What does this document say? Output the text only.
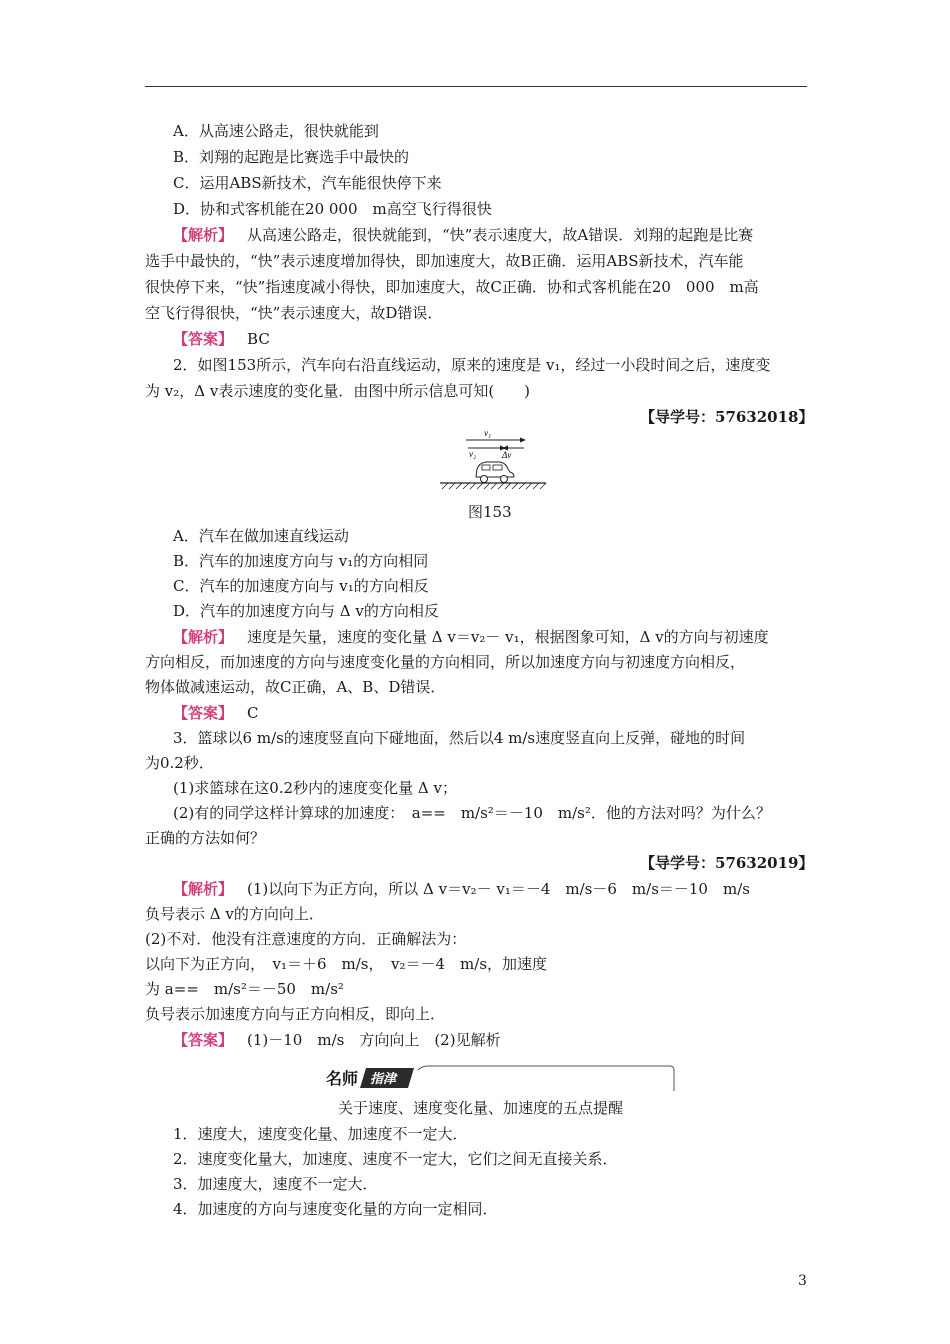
A．从高速公路走，很快就能到
B．刘翔的起跑是比赛选手中最快的
C．运用ABS新技术，汽车能很快停下来
D．协和式客机能在20 000　m高空飞行得很快
【解析】 从高速公路走，很快就能到，“快”表示速度大，故A错误．刘翔的起跑是比赛
选手中最快的，“快”表示速度增加得快，即加速度大，故B正确．运用ABS新技术，汽车能
很快停下来，“快”指速度减小得快，即加速度大，故C正确．协和式客机能在20　000　m高
空飞行得很快，“快”表示速度大，故D错误．
【答案】 BC
2．如图153所示，汽车向右沿直线运动，原来的速度是 v₁，经过一小段时间之后，速度变
为 v₂，Δ v表示速度的变化量．由图中所示信息可知(　　)
【导学号：57632018】
v₁
v₂	Δv
图153
A．汽车在做加速直线运动
B．汽车的加速度方向与 v₁的方向相同
C．汽车的加速度方向与 v₁的方向相反
D．汽车的加速度方向与 Δ v的方向相反
【解析】 速度是矢量，速度的变化量 Δ v＝v₂－ v₁，根据图象可知，Δ v的方向与初速度
方向相反，而加速度的方向与速度变化量的方向相同，所以加速度方向与初速度方向相反，
物体做减速运动，故C正确，A、B、D错误．
【答案】 C
3．篮球以6 m/s的速度竖直向下碰地面，然后以4 m/s速度竖直向上反弹，碰地的时间
为0.2秒．
(1)求篮球在这0.2秒内的速度变化量 Δ v；
(2)有的同学这样计算球的加速度：　a==　m/s²＝－10　m/s²．他的方法对吗？为什么？
正确的方法如何？
【导学号：57632019】
【解析】 (1)以向下为正方向，所以 Δ v＝v₂－ v₁＝－4　m/s－6　m/s＝－10　m/s
负号表示 Δ v的方向向上．
(2)不对．他没有注意速度的方向．正确解法为：
以向下为正方向，　v₁＝＋6　m/s，　v₂＝－4　m/s，加速度
为 a==　m/s²＝－50　m/s²
负号表示加速度方向与正方向相反，即向上．
【答案】 (1)－10　m/s　方向向上　(2)见解析
名师 指津
关于速度、速度变化量、加速度的五点提醒
1．速度大，速度变化量、加速度不一定大．
2．速度变化量大，加速度、速度不一定大，它们之间无直接关系．
3．加速度大，速度不一定大．
4．加速度的方向与速度变化量的方向一定相同．
3
